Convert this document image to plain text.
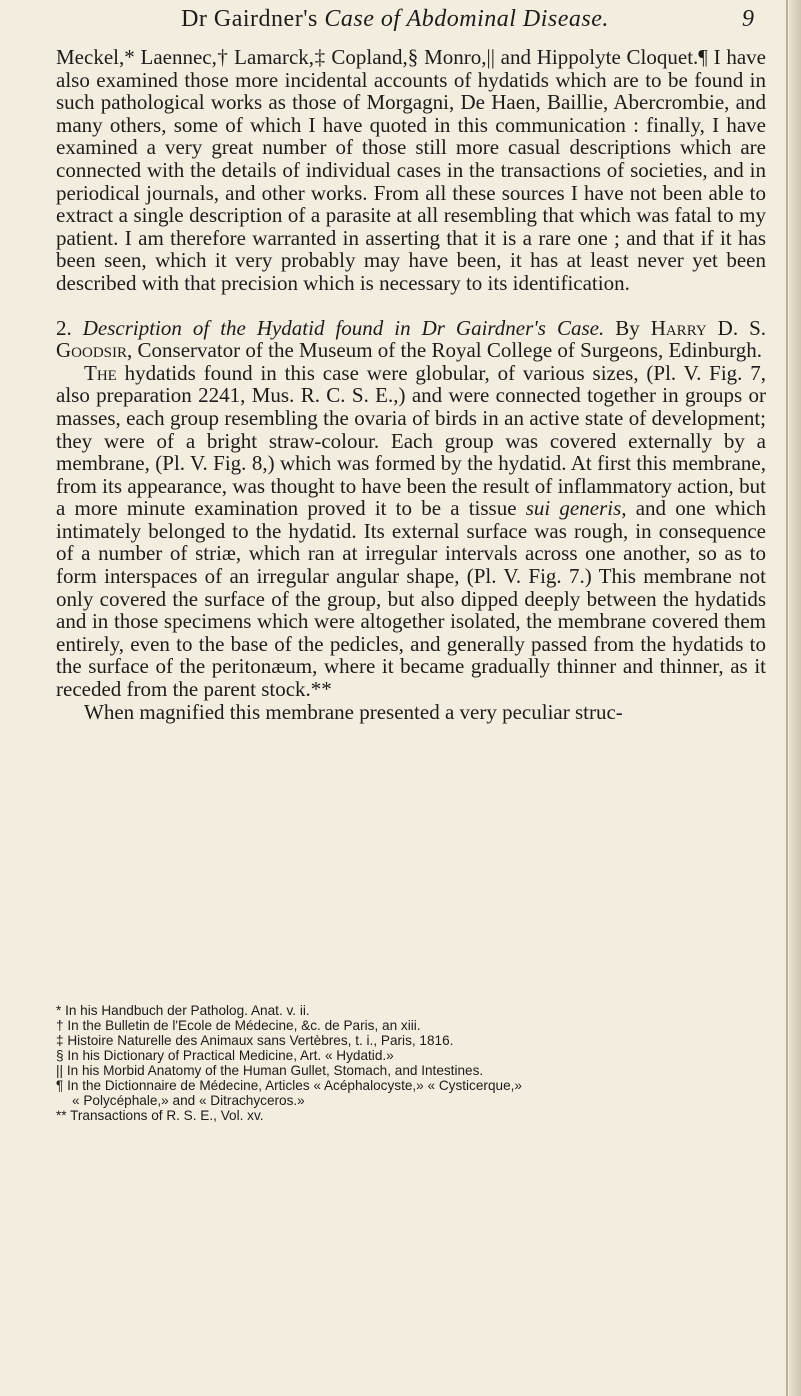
Dr Gairdner's Case of Abdominal Disease.	9

Meckel,* Laennec,† Lamarck,‡ Copland,§ Monro,|| and Hippolyte Cloquet.¶ I have also examined those more incidental accounts of hydatids which are to be found in such pathological works as those of Morgagni, De Haen, Baillie, Abercrombie, and many others, some of which I have quoted in this communication : finally, I have examined a very great number of those still more casual descriptions which are connected with the details of individual cases in the transactions of societies, and in periodical journals, and other works. From all these sources I have not been able to extract a single description of a parasite at all resembling that which was fatal to my patient. I am therefore warranted in asserting that it is a rare one ; and that if it has been seen, which it very probably may have been, it has at least never yet been described with that precision which is necessary to its identification.

2. Description of the Hydatid found in Dr Gairdner's Case. By Harry D. S. Goodsir, Conservator of the Museum of the Royal College of Surgeons, Edinburgh.

The hydatids found in this case were globular, of various sizes, (Pl. V. Fig. 7, also preparation 2241, Mus. R. C. S. E.,) and were connected together in groups or masses, each group resembling the ovaria of birds in an active state of development; they were of a bright straw-colour. Each group was covered externally by a membrane, (Pl. V. Fig. 8,) which was formed by the hydatid. At first this membrane, from its appearance, was thought to have been the result of inflammatory action, but a more minute examination proved it to be a tissue sui generis, and one which intimately belonged to the hydatid. Its external surface was rough, in consequence of a number of striæ, which ran at irregular intervals across one another, so as to form interspaces of an irregular angular shape, (Pl. V. Fig. 7.) This membrane not only covered the surface of the group, but also dipped deeply between the hydatids and in those specimens which were altogether isolated, the membrane covered them entirely, even to the base of the pedicles, and generally passed from the hydatids to the surface of the peritonæum, where it became gradually thinner and thinner, as it receded from the parent stock.**

When magnified this membrane presented a very peculiar struc-

* In his Handbuch der Patholog. Anat. v. ii.
† In the Bulletin de l'Ecole de Médecine, &c. de Paris, an xiii.
‡ Histoire Naturelle des Animaux sans Vertèbres, t. i., Paris, 1816.
§ In his Dictionary of Practical Medicine, Art. « Hydatid.»
|| In his Morbid Anatomy of the Human Gullet, Stomach, and Intestines.
¶ In the Dictionnaire de Médecine, Articles « Acéphalocyste,» « Cysticerque,»
« Polycéphale,» and « Ditrachyceros.»
** Transactions of R. S. E., Vol. xv.
